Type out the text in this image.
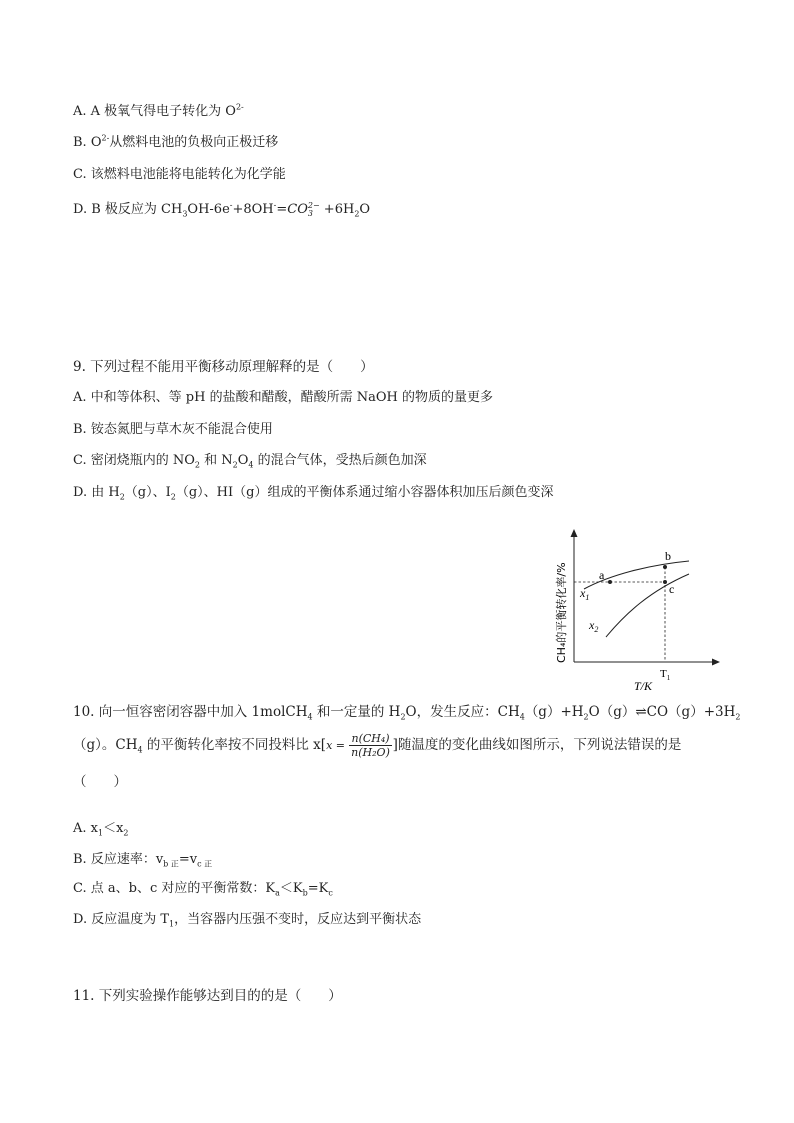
A. A 极氧气得电子转化为 $O^{2-}$
B. $O^{2-}$从燃料电池的负极向正极迁移
C. 该燃料电池能将电能转化为化学能
D. B 极反应为 $CH_3OH-6e^-+8OH^-=CO$ 2−
$3 +6H_2O$
9. 下列过程不能用平衡移动原理解释的是（　　）
A. 中和等体积、等 pH 的盐酸和醋酸，醋酸所需 NaOH 的物质的量更多
B. 铵态氮肥与草木灰不能混合使用
C. 密闭烧瓶内的 $NO_2$ 和 $N_2O_4$ 的混合气体，受热后颜色加深
D. 由 $H_2(g)$、$I_2(g)$、HI（g）组成的平衡体系通过缩小容器体积加压后颜色变深
a
b
c
$x_1$
$x_2$
$T_1$
T/K
CH₄的平衡转化率/%
10. 向一恒容密闭容器中加入 1molCH$_4$ 和一定量的 $H_2O$，发生反应：$CH_4(g)+H_2O(g)\rightleftharpoons CO(g)+3H_2$
（g）。$CH_4$ 的平衡转化率按不同投料比 $x[x = \frac{\text{n(CH₄)}}{\text{n(H₂O)}}$ ]随温度的变化曲线如图所示，下列说法错误的是
（　　）
A. $x_1<x_2$
B. 反应速率：$v_{b 正}=v_{c 正}$
C. 点 a、b、c 对应的平衡常数：$K_a<K_b=K_c$
D. 反应温度为 $T_1$，当容器内压强不变时，反应达到平衡状态
11. 下列实验操作能够达到目的的是（　　）
